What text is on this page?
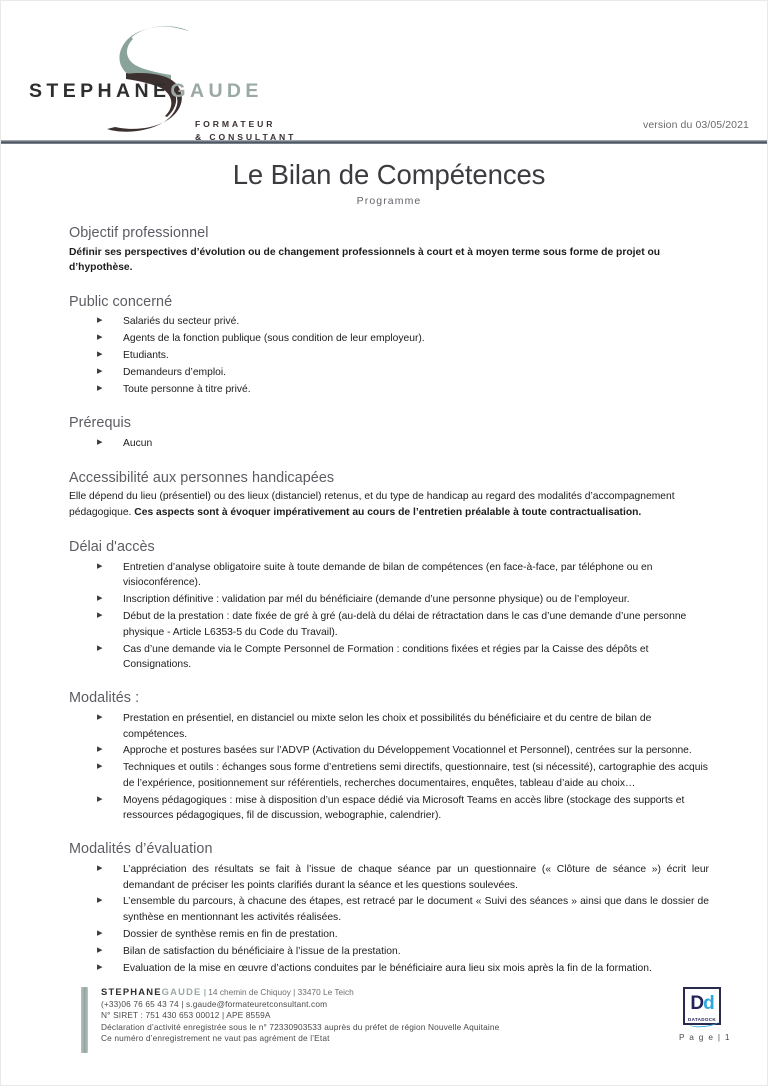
STEPHANEGAUDE
FORMATEUR
& CONSULTANT
version du 03/05/2021
Le Bilan de Compétences
Programme
Objectif professionnel

Définir ses perspectives d’évolution ou de changement professionnels à court et à moyen terme sous forme de projet ou d’hypothèse.

Public concerné
▸ Salariés du secteur privé.
▸ Agents de la fonction publique (sous condition de leur employeur).
▸ Etudiants.
▸ Demandeurs d’emploi.
▸ Toute personne à titre privé.
Prérequis
▸ Aucun
Accessibilité aux personnes handicapées

Elle dépend du lieu (présentiel) ou des lieux (distanciel) retenus, et du type de handicap au regard des modalités d’accompagnement pédagogique. Ces aspects sont à évoquer impérativement au cours de l’entretien préalable à toute contractualisation.

Délai d'accès
▸ Entretien d’analyse obligatoire suite à toute demande de bilan de compétences (en face-à-face, par téléphone ou en visioconférence).
▸ Inscription définitive : validation par mél du bénéficiaire (demande d’une personne physique) ou de l’employeur.
▸ Début de la prestation : date fixée de gré à gré (au-delà du délai de rétractation dans le cas d’une demande d’une personne physique - Article L6353-5 du Code du Travail).
▸ Cas d’une demande via le Compte Personnel de Formation : conditions fixées et régies par la Caisse des dépôts et Consignations.
Modalités :
▸ Prestation en présentiel, en distanciel ou mixte selon les choix et possibilités du bénéficiaire et du centre de bilan de compétences.
▸ Approche et postures basées sur l’ADVP (Activation du Développement Vocationnel et Personnel), centrées sur la personne.
▸ Techniques et outils : échanges sous forme d’entretiens semi directifs, questionnaire, test (si nécessité), cartographie des acquis de l’expérience, positionnement sur référentiels, recherches documentaires, enquêtes, tableau d’aide au choix…
▸ Moyens pédagogiques : mise à disposition d’un espace dédié via Microsoft Teams en accès libre (stockage des supports et ressources pédagogiques, fil de discussion, webographie, calendrier).
Modalités d’évaluation
▸ L’appréciation des résultats se fait à l’issue de chaque séance par un questionnaire (« Clôture de séance ») écrit leur demandant de préciser les points clarifiés durant la séance et les questions soulevées.
▸ L’ensemble du parcours, à chacune des étapes, est retracé par le document « Suivi des séances » ainsi que dans le dossier de synthèse en mentionnant les activités réalisées.
▸ Dossier de synthèse remis en fin de prestation.
▸ Bilan de satisfaction du bénéficiaire à l’issue de la prestation.
▸ Evaluation de la mise en œuvre d’actions conduites par le bénéficiaire aura lieu six mois après la fin de la formation.
STEPHANEGAUDE | 14 chemin de Chiquoy | 33470 Le Teich
(+33)06 76 65 43 74 | s.gaude@formateuretconsultant.com
N° SIRET : 751 430 653 00012 | APE 8559A
Déclaration d’activité enregistrée sous le n° 72330903533 auprès du préfet de région Nouvelle Aquitaine
Ce numéro d’enregistrement ne vaut pas agrément de l’Etat
Dd
DATADOCK
P a g e | 1
